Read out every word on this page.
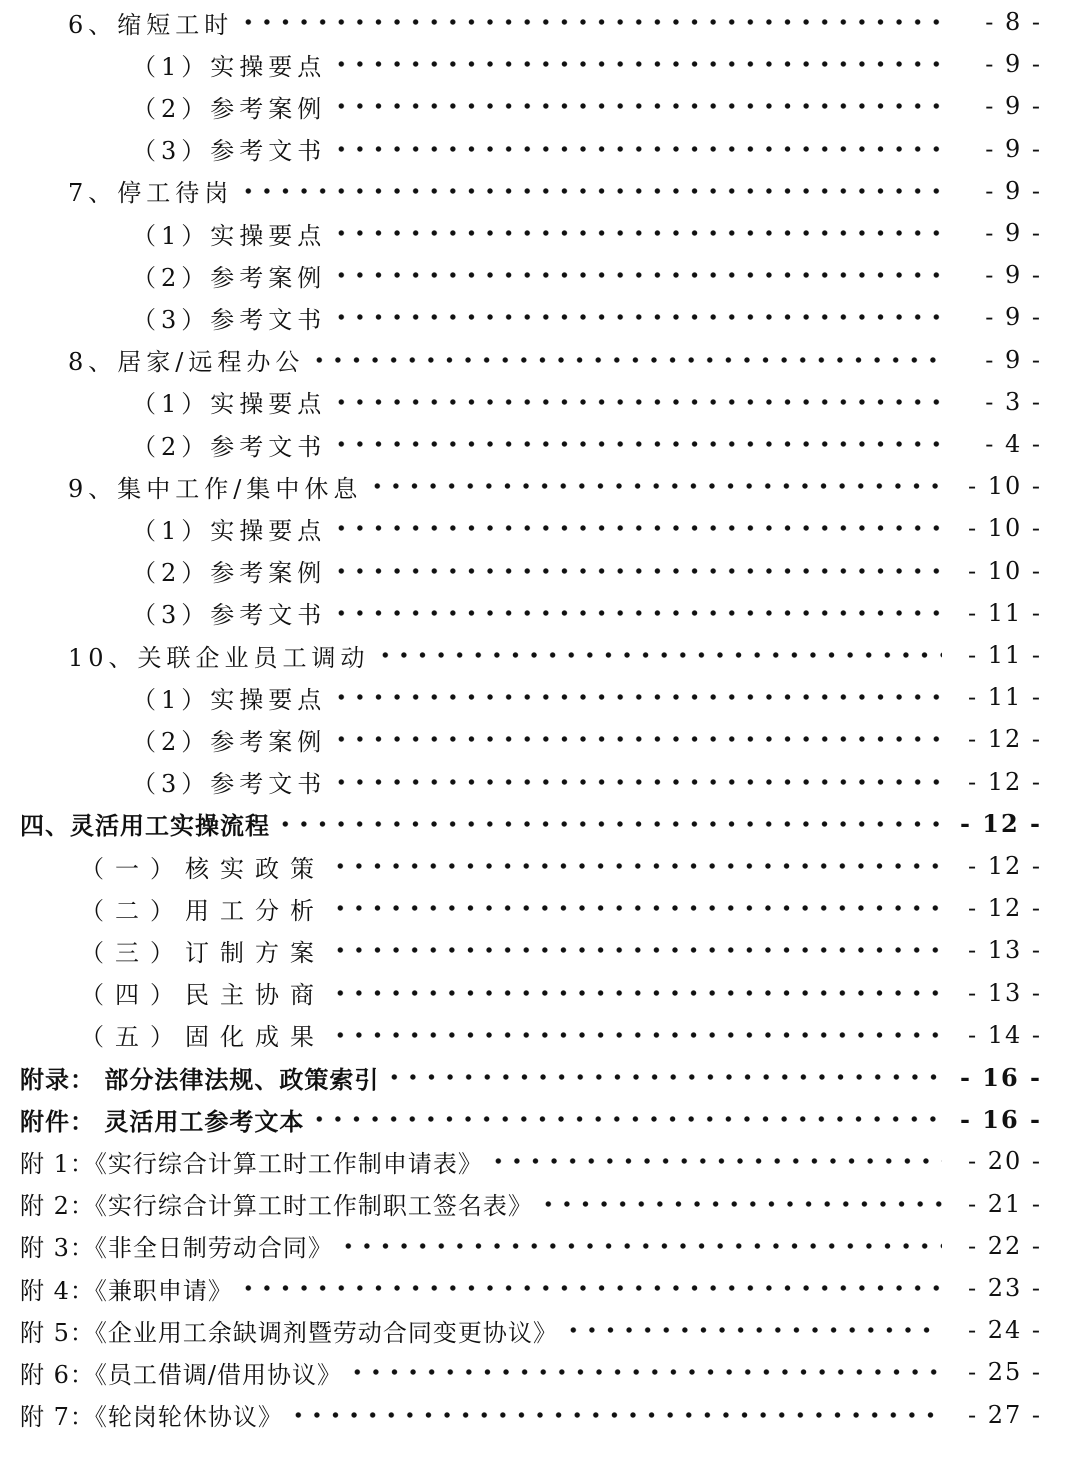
6、缩短工时	- 8 -
（1）实操要点	- 9 -
（2）参考案例	- 9 -
（3）参考文书	- 9 -
7、停工待岗	- 9 -
（1）实操要点	- 9 -
（2）参考案例	- 9 -
（3）参考文书	- 9 -
8、居家/远程办公	- 9 -
（1）实操要点	- 3 -
（2）参考文书	- 4 -
9、集中工作/集中休息	- 10 -
（1）实操要点	- 10 -
（2）参考案例	- 10 -
（3）参考文书	- 11 -
10、关联企业员工调动	- 11 -
（1）实操要点	- 11 -
（2）参考案例	- 12 -
（3）参考文书	- 12 -
四、灵活用工实操流程	- 12 -
（一）核实政策	- 12 -
（二）用工分析	- 12 -
（三）订制方案	- 13 -
（四）民主协商	- 13 -
（五）固化成果	- 14 -
附录： 部分法律法规、政策索引	- 16 -
附件： 灵活用工参考文本	- 16 -
附 1：《实行综合计算工时工作制申请表》	- 20 -
附 2：《实行综合计算工时工作制职工签名表》	- 21 -
附 3：《非全日制劳动合同》	- 22 -
附 4：《兼职申请》	- 23 -
附 5：《企业用工余缺调剂暨劳动合同变更协议》	- 24 -
附 6：《员工借调/借用协议》	- 25 -
附 7：《轮岗轮休协议》	- 27 -
